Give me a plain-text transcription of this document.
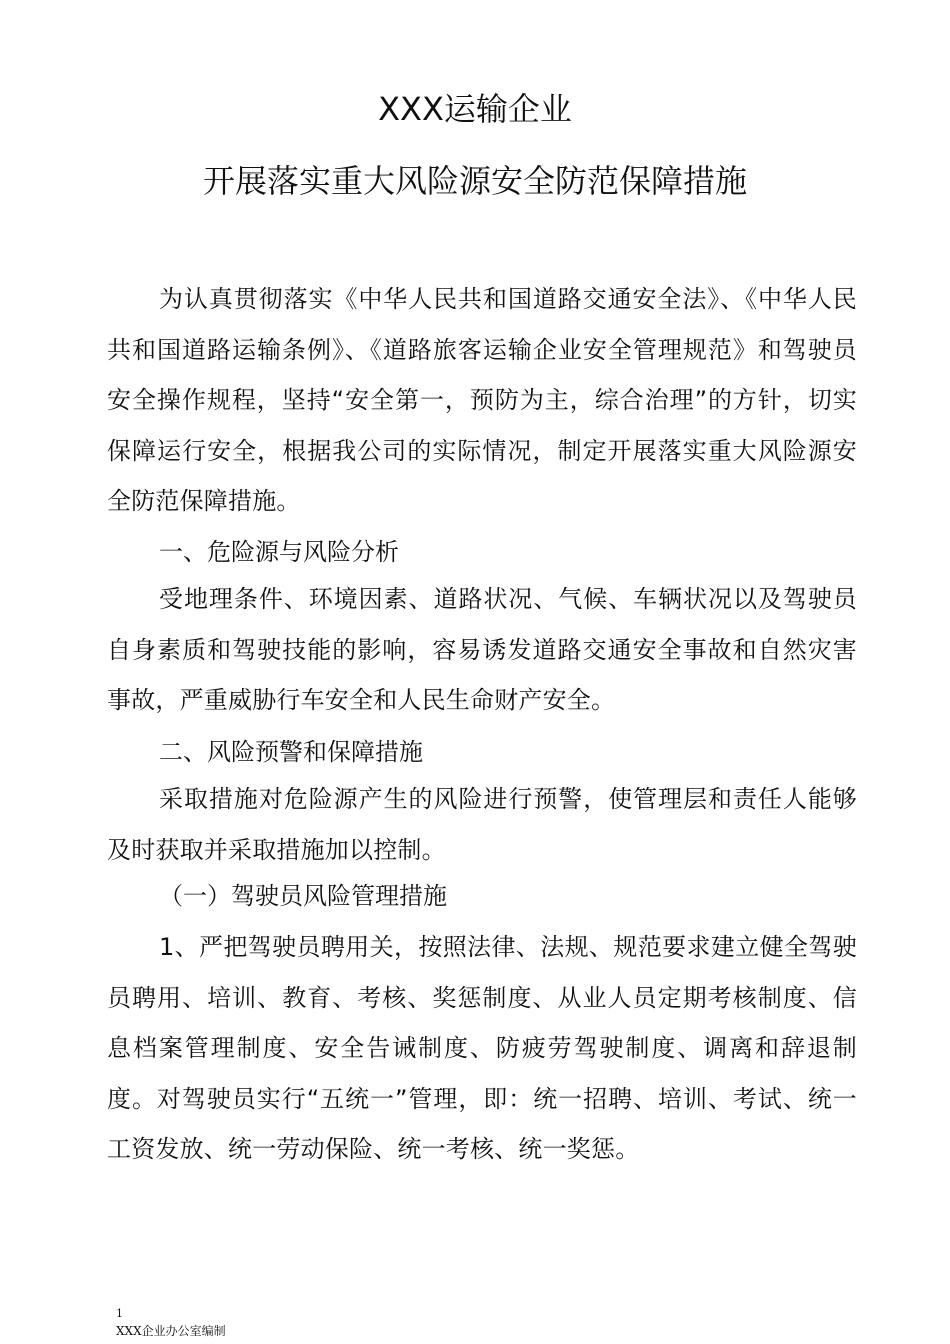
XXX运输企业
开展落实重大风险源安全防范保障措施
为认真贯彻落实《中华人民共和国道路交通安全法》、《中华人民共和国道路运输条例》、《道路旅客运输企业安全管理规范》和驾驶员安全操作规程，坚持“安全第一，预防为主，综合治理”的方针，切实保障运行安全，根据我公司的实际情况，制定开展落实重大风险源安全防范保障措施。
一、危险源与风险分析
受地理条件、环境因素、道路状况、气候、车辆状况以及驾驶员自身素质和驾驶技能的影响，容易诱发道路交通安全事故和自然灾害事故，严重威胁行车安全和人民生命财产安全。
二、风险预警和保障措施
采取措施对危险源产生的风险进行预警，使管理层和责任人能够及时获取并采取措施加以控制。
（一）驾驶员风险管理措施
1、严把驾驶员聘用关，按照法律、法规、规范要求建立健全驾驶员聘用、培训、教育、考核、奖惩制度、从业人员定期考核制度、信息档案管理制度、安全告诫制度、防疲劳驾驶制度、调离和辞退制度。对驾驶员实行“五统一”管理，即：统一招聘、培训、考试、统一工资发放、统一劳动保险、统一考核、统一奖惩。
1
XXX企业办公室编制
